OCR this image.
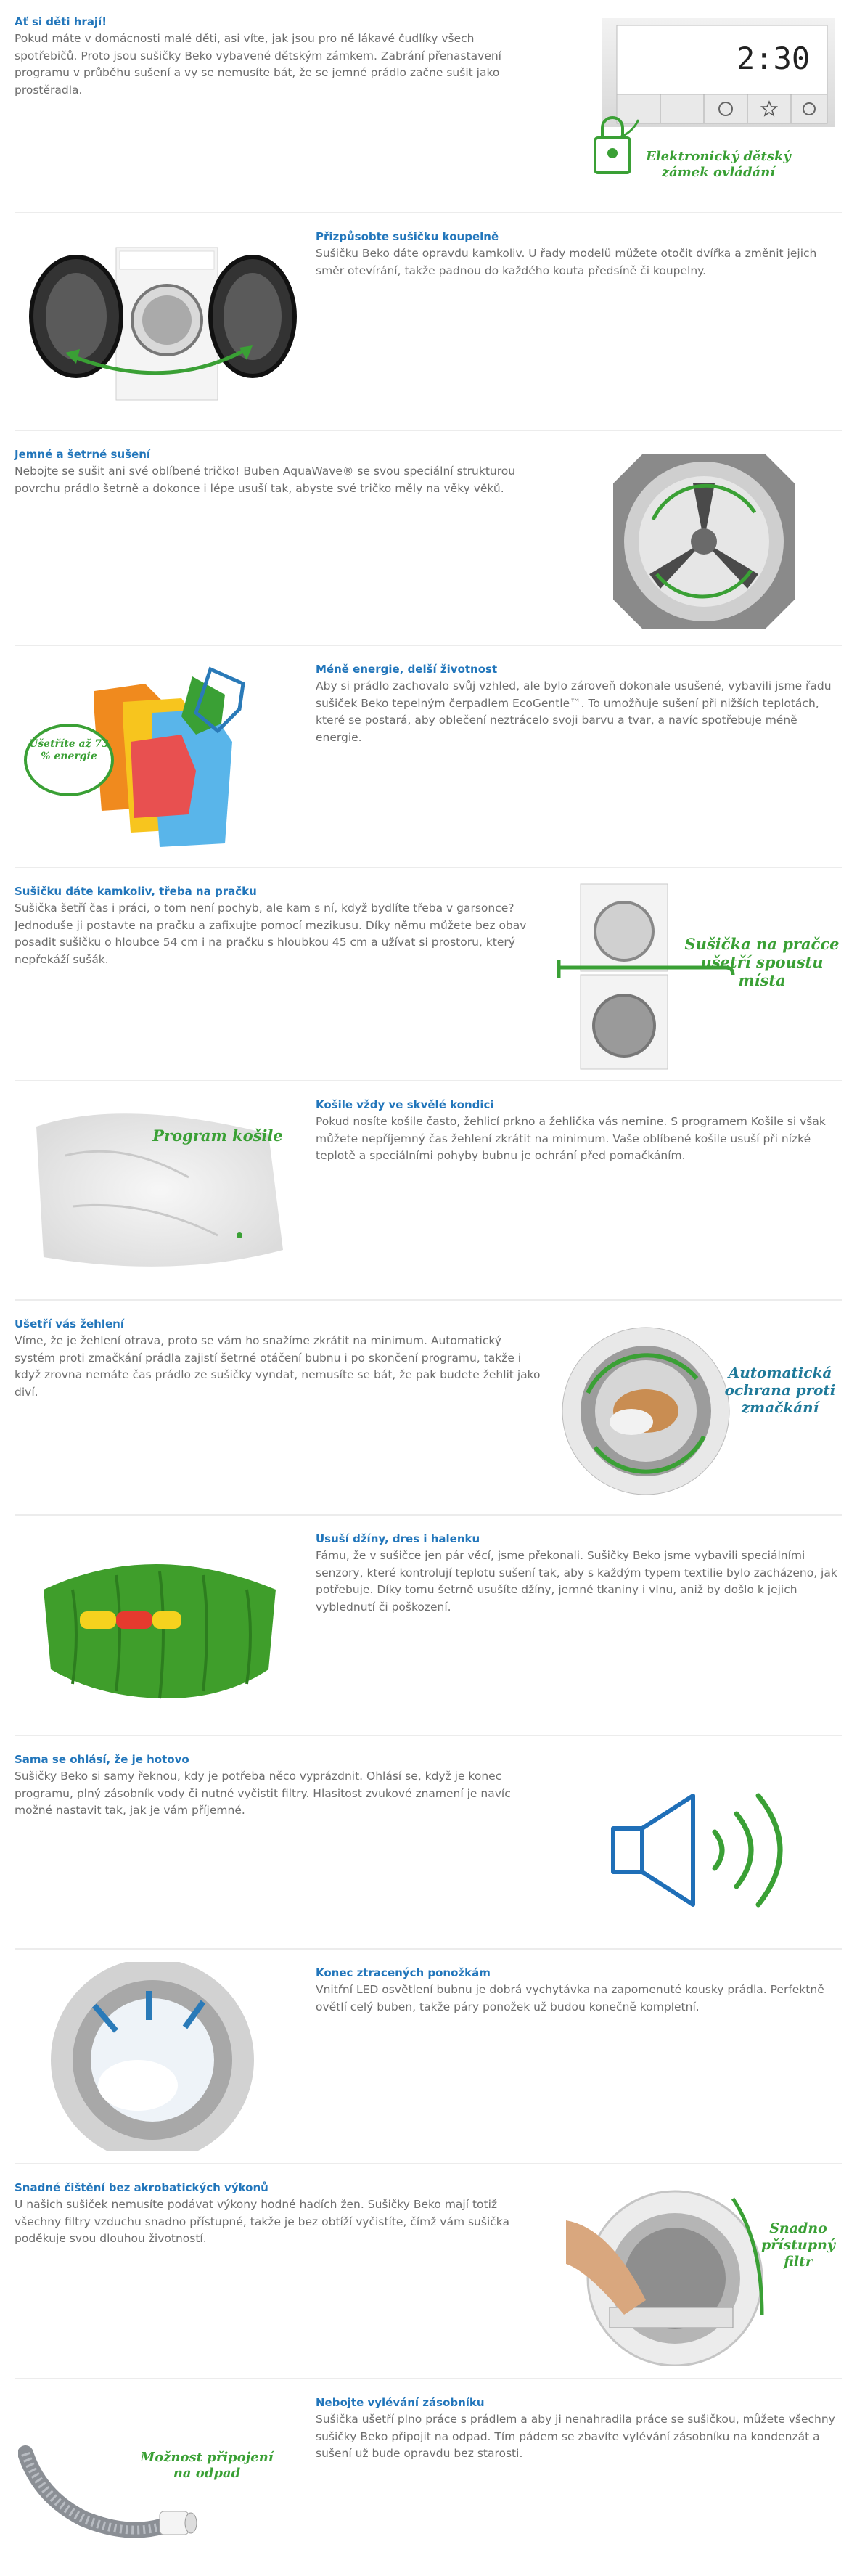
Ať si děti hrají!

Pokud máte v domácnosti malé děti, asi víte, jak jsou pro ně lákavé čudlíky všech spotřebičů. Proto jsou sušičky Beko vybavené dětským zámkem. Zabrání přenastavení programu v průběhu sušení a vy se nemusíte bát, že se jemné prádlo začne sušit jako prostěradla.

2:30
Elektronický dětský zámek ovládání
Přizpůsobte sušičku koupelně

Sušičku Beko dáte opravdu kamkoliv. U řady modelů můžete otočit dvířka a změnit jejich směr otevírání, takže padnou do každého kouta předsíně či koupelny.

Jemné a šetrné sušení

Nebojte se sušit ani své oblíbené tričko! Buben AquaWave® se svou speciální strukturou povrchu prádlo šetrně a dokonce i lépe usuší tak, abyste své tričko měly na věky věků.

Ušetříte až 73 % energie
Méně energie, delší životnost

Aby si prádlo zachovalo svůj vzhled, ale bylo zároveň dokonale usušené, vybavili jsme řadu sušiček Beko tepelným čerpadlem EcoGentle™. To umožňuje sušení při nižších teplotách, které se postará, aby oblečení neztrácelo svoji barvu a tvar, a navíc spotřebuje méně energie.

Sušičku dáte kamkoliv, třeba na pračku

Sušička šetří čas i práci, o tom není pochyb, ale kam s ní, když bydlíte třeba v garsonce? Jednoduše ji postavte na pračku a zafixujte pomocí mezikusu. Díky němu můžete bez obav posadit sušičku o hloubce 54 cm i na pračku s hloubkou 45 cm a užívat si prostoru, který nepřekáží sušák.

Sušička na pračce ušetří spoustu místa
Program košile
Košile vždy ve skvělé kondici

Pokud nosíte košile často, žehlicí prkno a žehlička vás nemine. S programem Košile si však můžete nepříjemný čas žehlení zkrátit na minimum. Vaše oblíbené košile usuší při nízké teplotě a speciálními pohyby bubnu je ochrání před pomačkáním.

Ušetří vás žehlení

Víme, že je žehlení otrava, proto se vám ho snažíme zkrátit na minimum. Automatický systém proti zmačkání prádla zajistí šetrné otáčení bubnu i po skončení programu, takže i když zrovna nemáte čas prádlo ze sušičky vyndat, nemusíte se bát, že pak budete žehlit jako diví.

Automatická ochrana proti zmačkání
Usuší džíny, dres i halenku

Fámu, že v sušičce jen pár věcí, jsme překonali. Sušičky Beko jsme vybavili speciálními senzory, které kontrolují teplotu sušení tak, aby s každým typem textilie bylo zacházeno, jak potřebuje. Díky tomu šetrně usušíte džíny, jemné tkaniny i vlnu, aniž by došlo k jejich vyblednutí či poškození.

Sama se ohlásí, že je hotovo

Sušičky Beko si samy řeknou, kdy je potřeba něco vyprázdnit. Ohlásí se, když je konec programu, plný zásobník vody či nutné vyčistit filtry. Hlasitost zvukové znamení je navíc možné nastavit tak, jak je vám příjemné.

Konec ztracených ponožkám

Vnitřní LED osvětlení bubnu je dobrá vychytávka na zapomenuté kousky prádla. Perfektně ovětlí celý buben, takže páry ponožek už budou konečně kompletní.

Snadné čištění bez akrobatických výkonů

U našich sušiček nemusíte podávat výkony hodné hadích žen. Sušičky Beko mají totiž všechny filtry vzduchu snadno přístupné, takže je bez obtíží vyčistíte, čímž vám sušička poděkuje svou dlouhou životností.

Snadno přístupný filtr
Možnost připojení na odpad
Nebojte vylévání zásobníku

Sušička ušetří plno práce s prádlem a aby ji nenahradila práce se sušičkou, můžete všechny sušičky Beko připojit na odpad. Tím pádem se zbavíte vylévání zásobníku na kondenzát a sušení už bude opravdu bez starosti.
